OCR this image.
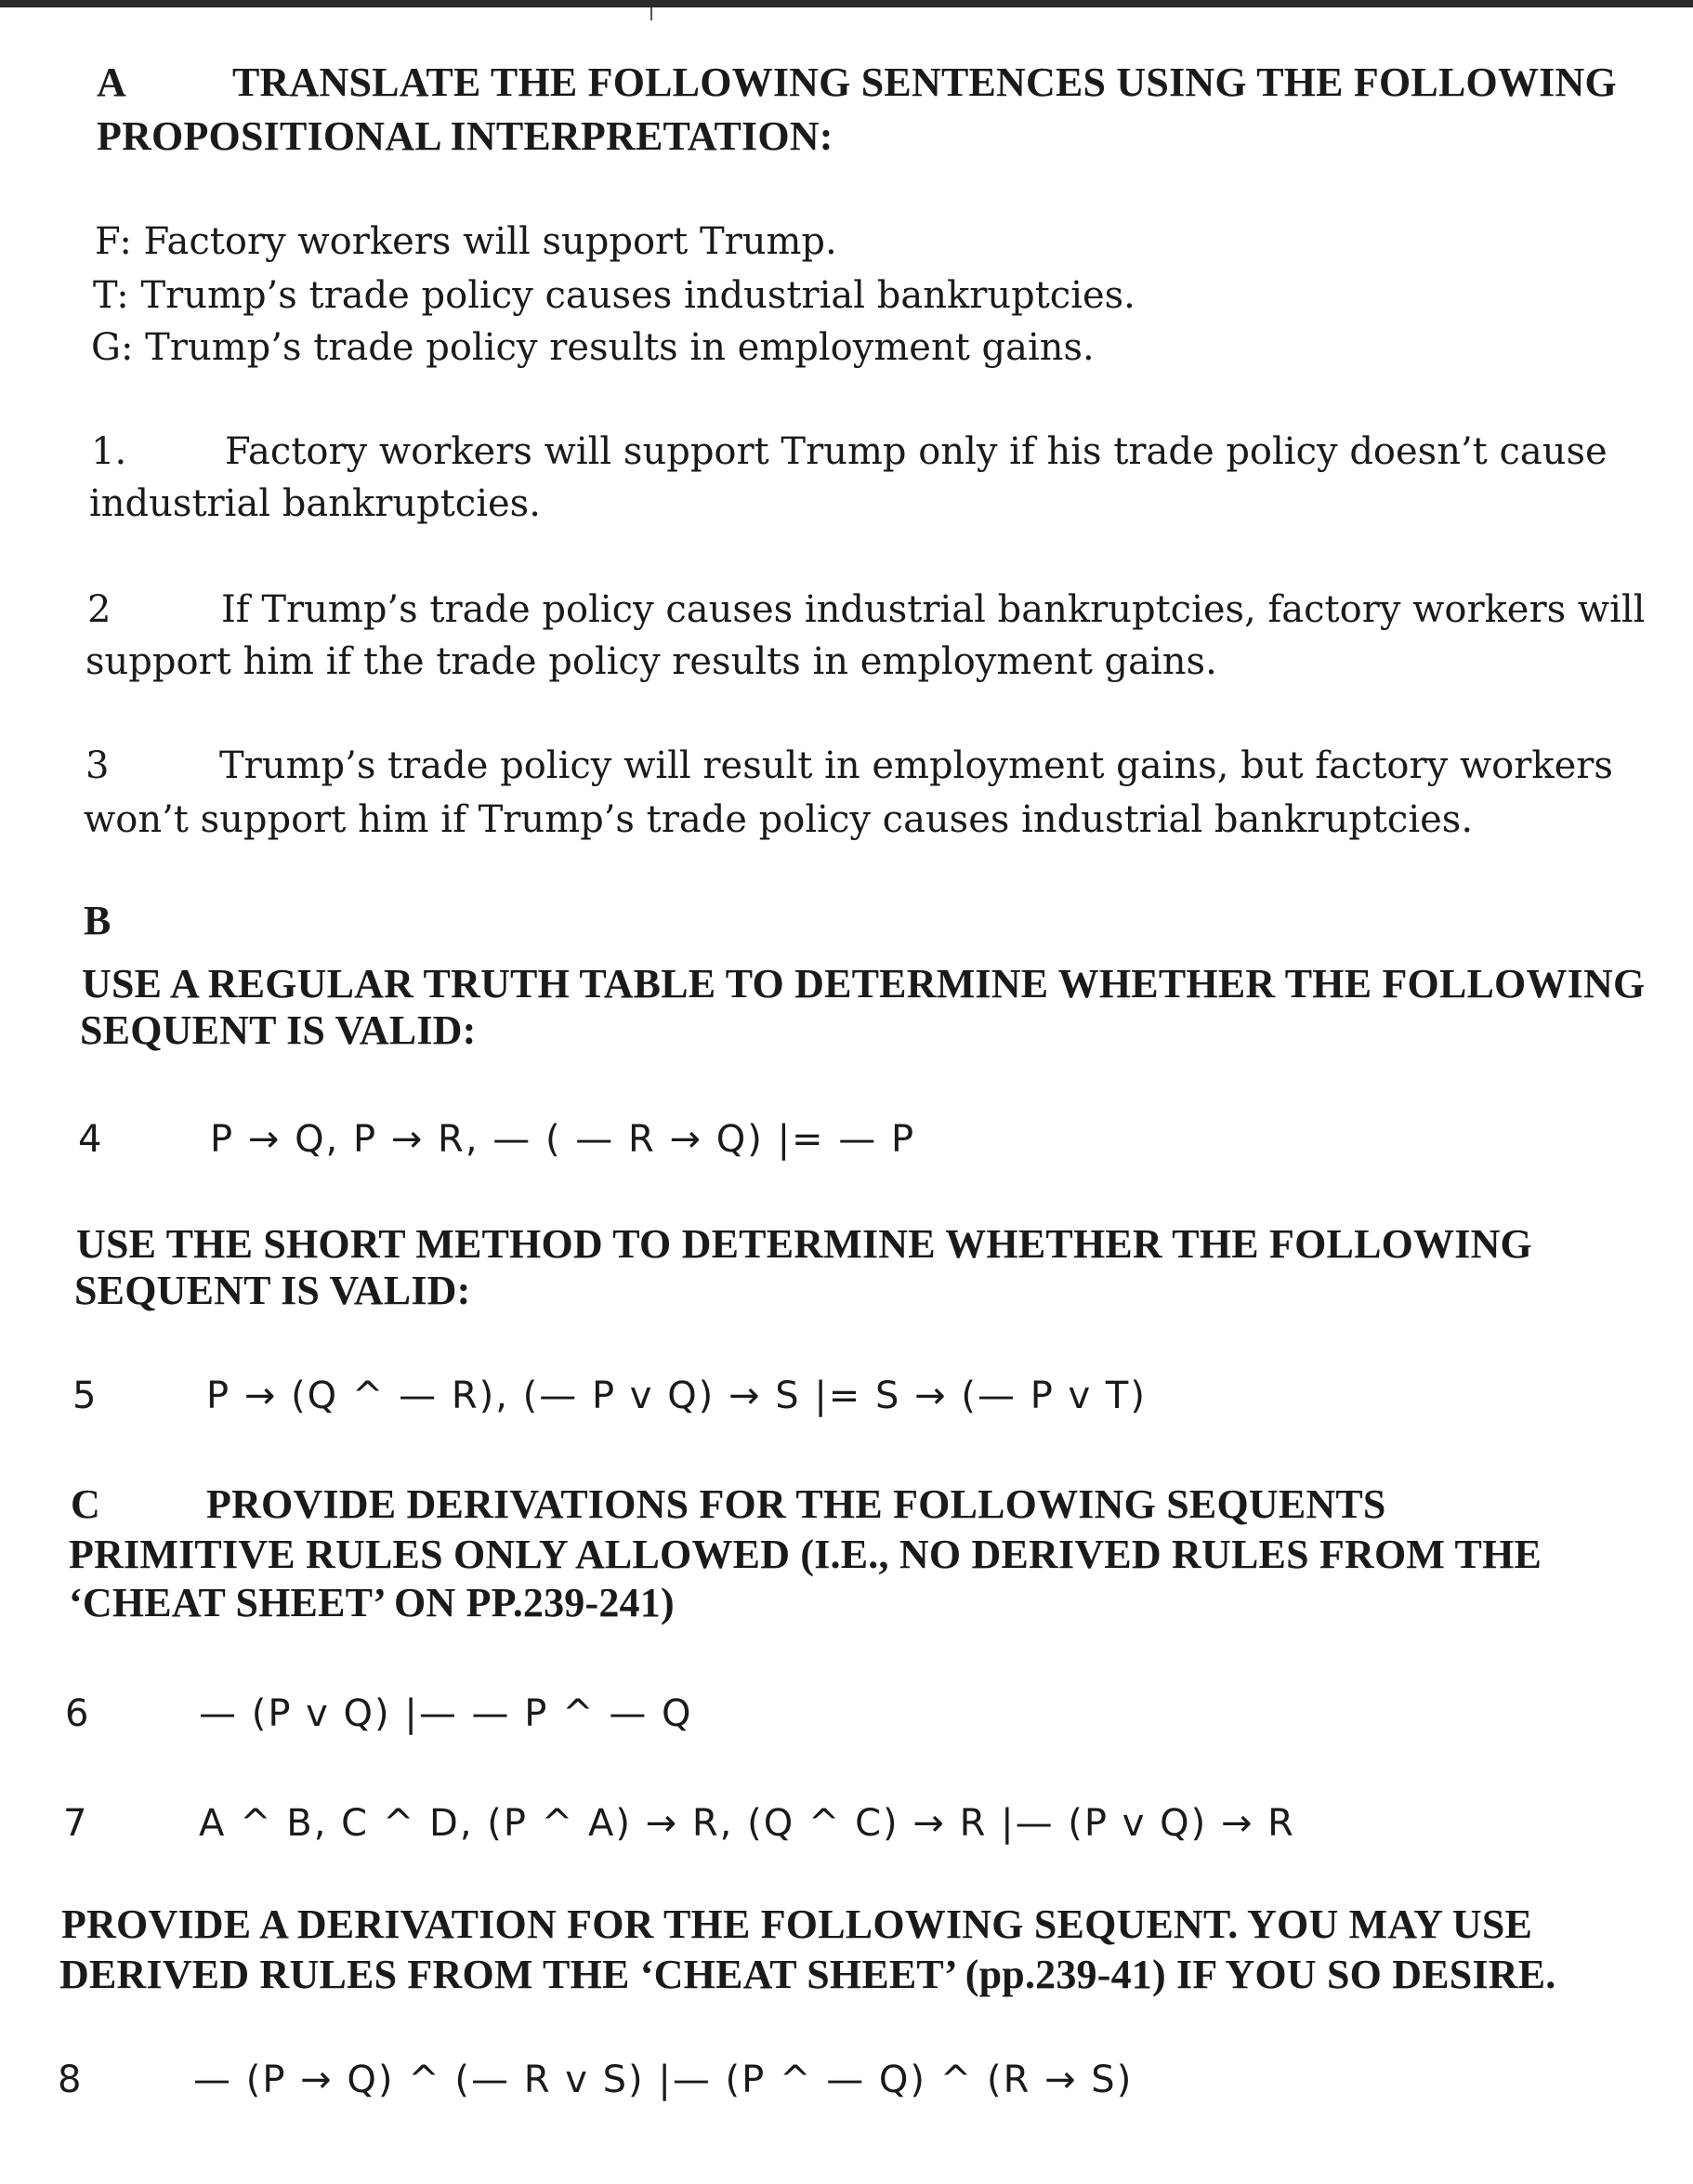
A	TRANSLATE THE FOLLOWING SENTENCES USING THE FOLLOWING
PROPOSITIONAL INTERPRETATION:
F: Factory workers will support Trump.
T: Trump’s trade policy causes industrial bankruptcies.
G: Trump’s trade policy results in employment gains.
1.	Factory workers will support Trump only if his trade policy doesn’t cause
industrial bankruptcies.
2	If Trump’s trade policy causes industrial bankruptcies, factory workers will
support him if the trade policy results in employment gains.
3	Trump’s trade policy will result in employment gains, but factory workers
won’t support him if Trump’s trade policy causes industrial bankruptcies.
B
USE A REGULAR TRUTH TABLE TO DETERMINE WHETHER THE FOLLOWING
SEQUENT IS VALID:
4	P → Q, P → R, — ( — R → Q) |= — P
USE THE SHORT METHOD TO DETERMINE WHETHER THE FOLLOWING
SEQUENT IS VALID:
5	P → (Q ^ — R), (— P v Q) → S |= S → (— P v T)
C	PROVIDE DERIVATIONS FOR THE FOLLOWING SEQUENTS
PRIMITIVE RULES ONLY ALLOWED (I.E., NO DERIVED RULES FROM THE
‘CHEAT SHEET’ ON PP.239-241)
6	— (P v Q) |— — P ^ — Q
7	A ^ B, C ^ D, (P ^ A) → R, (Q ^ C) → R |— (P v Q) → R
PROVIDE A DERIVATION FOR THE FOLLOWING SEQUENT. YOU MAY USE
DERIVED RULES FROM THE ‘CHEAT SHEET’ (pp.239-41) IF YOU SO DESIRE.
8	— (P → Q) ^ (— R v S) |— (P ^ — Q) ^ (R → S)
